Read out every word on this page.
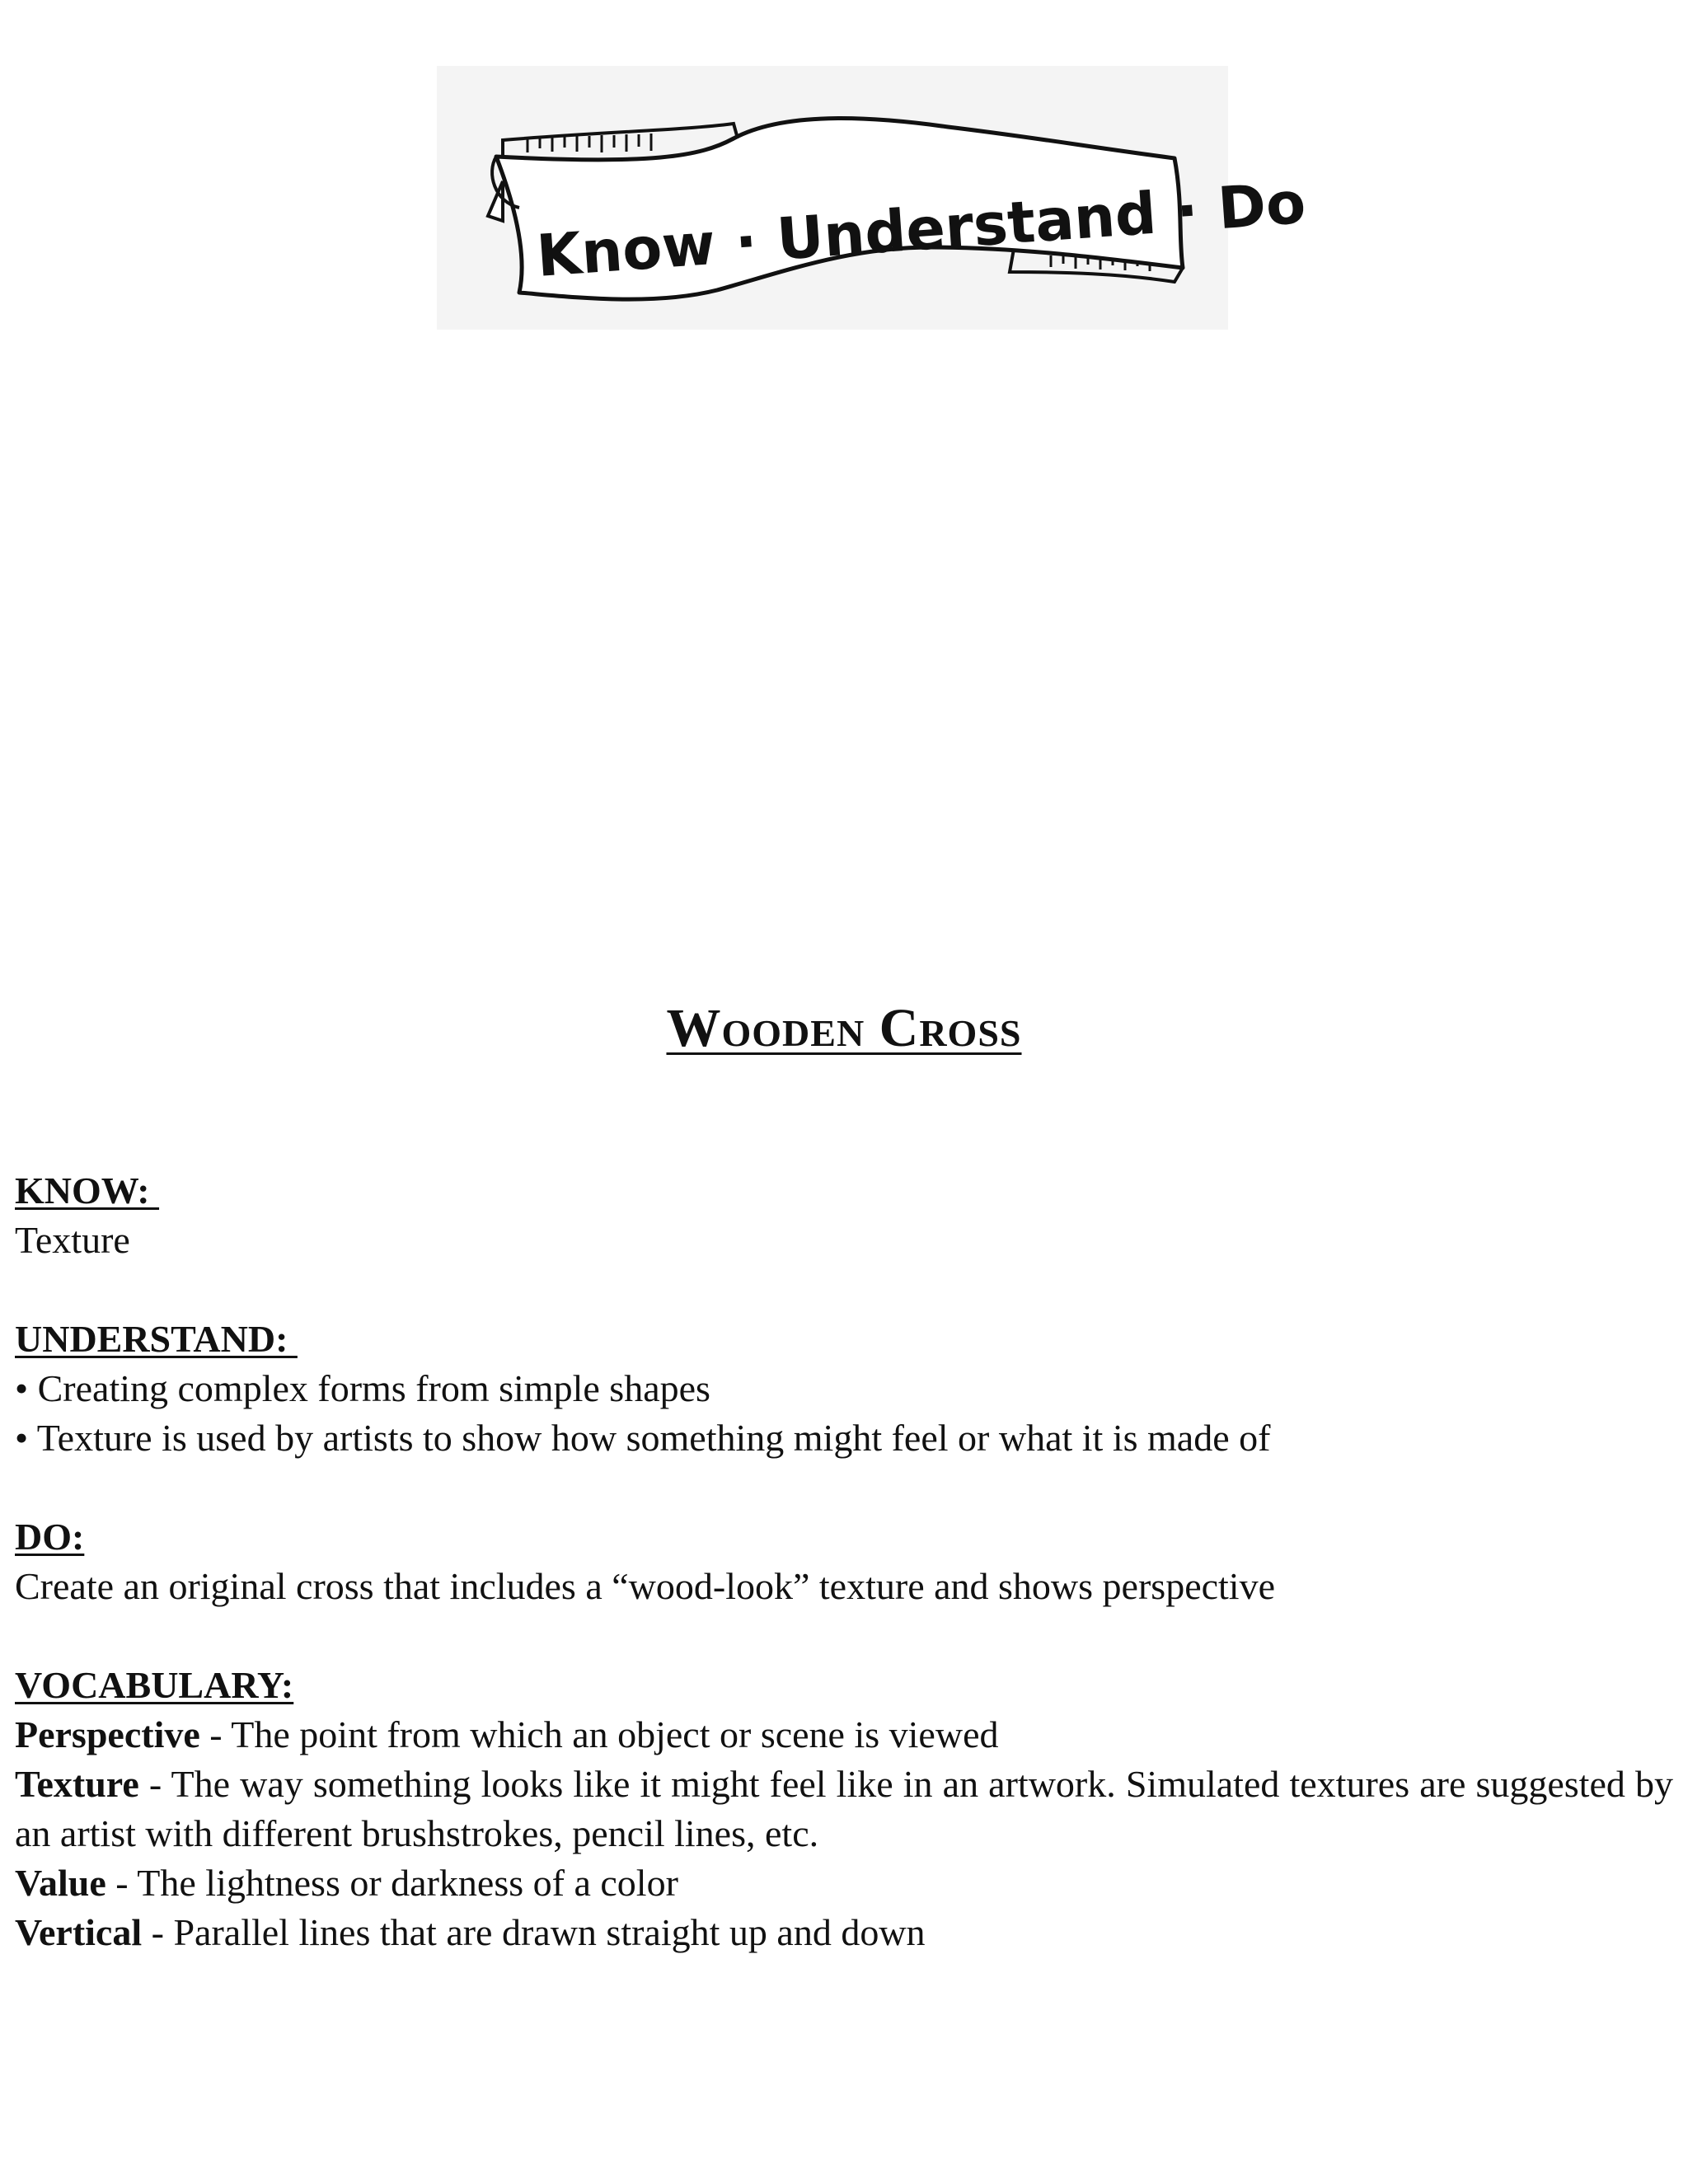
Know · Understand · Do
Wooden Cross
KNOW:
Texture
UNDERSTAND:
• Creating complex forms from simple shapes
• Texture is used by artists to show how something might feel or what it is made of
DO:
Create an original cross that includes a “wood-look” texture and shows perspective
VOCABULARY:
Perspective - The point from which an object or scene is viewed
Texture - The way something looks like it might feel like in an artwork. Simulated textures are suggested by an artist with different brushstrokes, pencil lines, etc.
Value - The lightness or darkness of a color
Vertical - Parallel lines that are drawn straight up and down
